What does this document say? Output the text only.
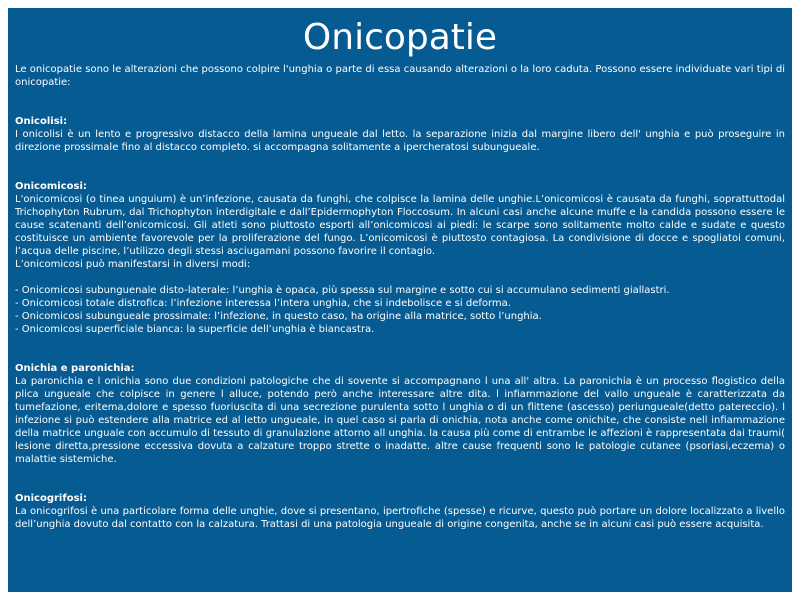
Onicopatie

Le onicopatie sono le alterazioni che possono colpire l'unghia o parte di essa causando alterazioni o la loro caduta. Possono essere individuate vari tipi di onicopatie:

Onicolisi:

I onicolisi è un lento e progressivo distacco della lamina ungueale dal letto. la separazione inizia dal margine libero dell' unghia e può proseguire in direzione prossimale fino al distacco completo. si accompagna solitamente a ipercheratosi subungueale.

Onicomicosi:

L'onicomicosi (o tinea unguium) è un’infezione, causata da funghi, che colpisce la lamina delle unghie.L’onicomicosi è causata da funghi, soprattuttodal Trichophyton Rubrum, dal Trichophyton interdigitale e dall’Epidermophyton Floccosum. In alcuni casi anche alcune muffe e la candida possono essere le cause scatenanti dell’onicomicosi. Gli atleti sono piuttosto esporti all’onicomicosi ai piedi: le scarpe sono solitamente molto calde e sudate e questo costituisce un ambiente favorevole per la proliferazione del fungo. L’onicomicosi è piuttosto contagiosa. La condivisione di docce e spogliatoi comuni, l’acqua delle piscine, l’utilizzo degli stessi asciugamani possono favorire il contagio.

L’onicomicosi può manifestarsi in diversi modi:

- Onicomicosi subunguenale disto-laterale: l’unghia è opaca, più spessa sul margine e sotto cui si accumulano sedimenti giallastri.
- Onicomicosi totale distrofica: l’infezione interessa l’intera unghia, che si indebolisce e si deforma.
- Onicomicosi subungueale prossimale: l’infezione, in questo caso, ha origine alla matrice, sotto l’unghia.
- Onicomicosi superficiale bianca: la superficie dell’unghia è biancastra.

Onichia e paronichia:

La paronichia e l onichia sono due condizioni patologiche che di sovente si accompagnano l una all' altra. La paronichia è un processo flogistico della plica ungueale che colpisce in genere l alluce, potendo però anche interessare altre dita. l infiammazione del vallo ungueale è caratterizzata da tumefazione, eritema,dolore e spesso fuoriuscita di una secrezione purulenta sotto l unghia o di un flittene (ascesso) periungueale(detto patereccio). l infezione si può estendere alla matrice ed al letto ungueale, in quel caso si parla di onichia, nota anche come onichite, che consiste nell infiammazione della matrice unguale con accumulo di tessuto di granulazione attorno all unghia. la causa più come di entrambe le affezioni è rappresentata dai traumi( lesione diretta,pressione eccessiva dovuta a calzature troppo strette o inadatte. altre cause frequenti sono le patologie cutanee (psoriasi,eczema) o malattie sistemiche.

Onicogrifosi:

La onicogrifosi è una particolare forma delle unghie, dove si presentano, ipertrofiche (spesse) e ricurve, questo può portare un dolore localizzato a livello dell’unghia dovuto dal contatto con la calzatura. Trattasi di una patologia ungueale di origine congenita, anche se in alcuni casi può essere acquisita.
